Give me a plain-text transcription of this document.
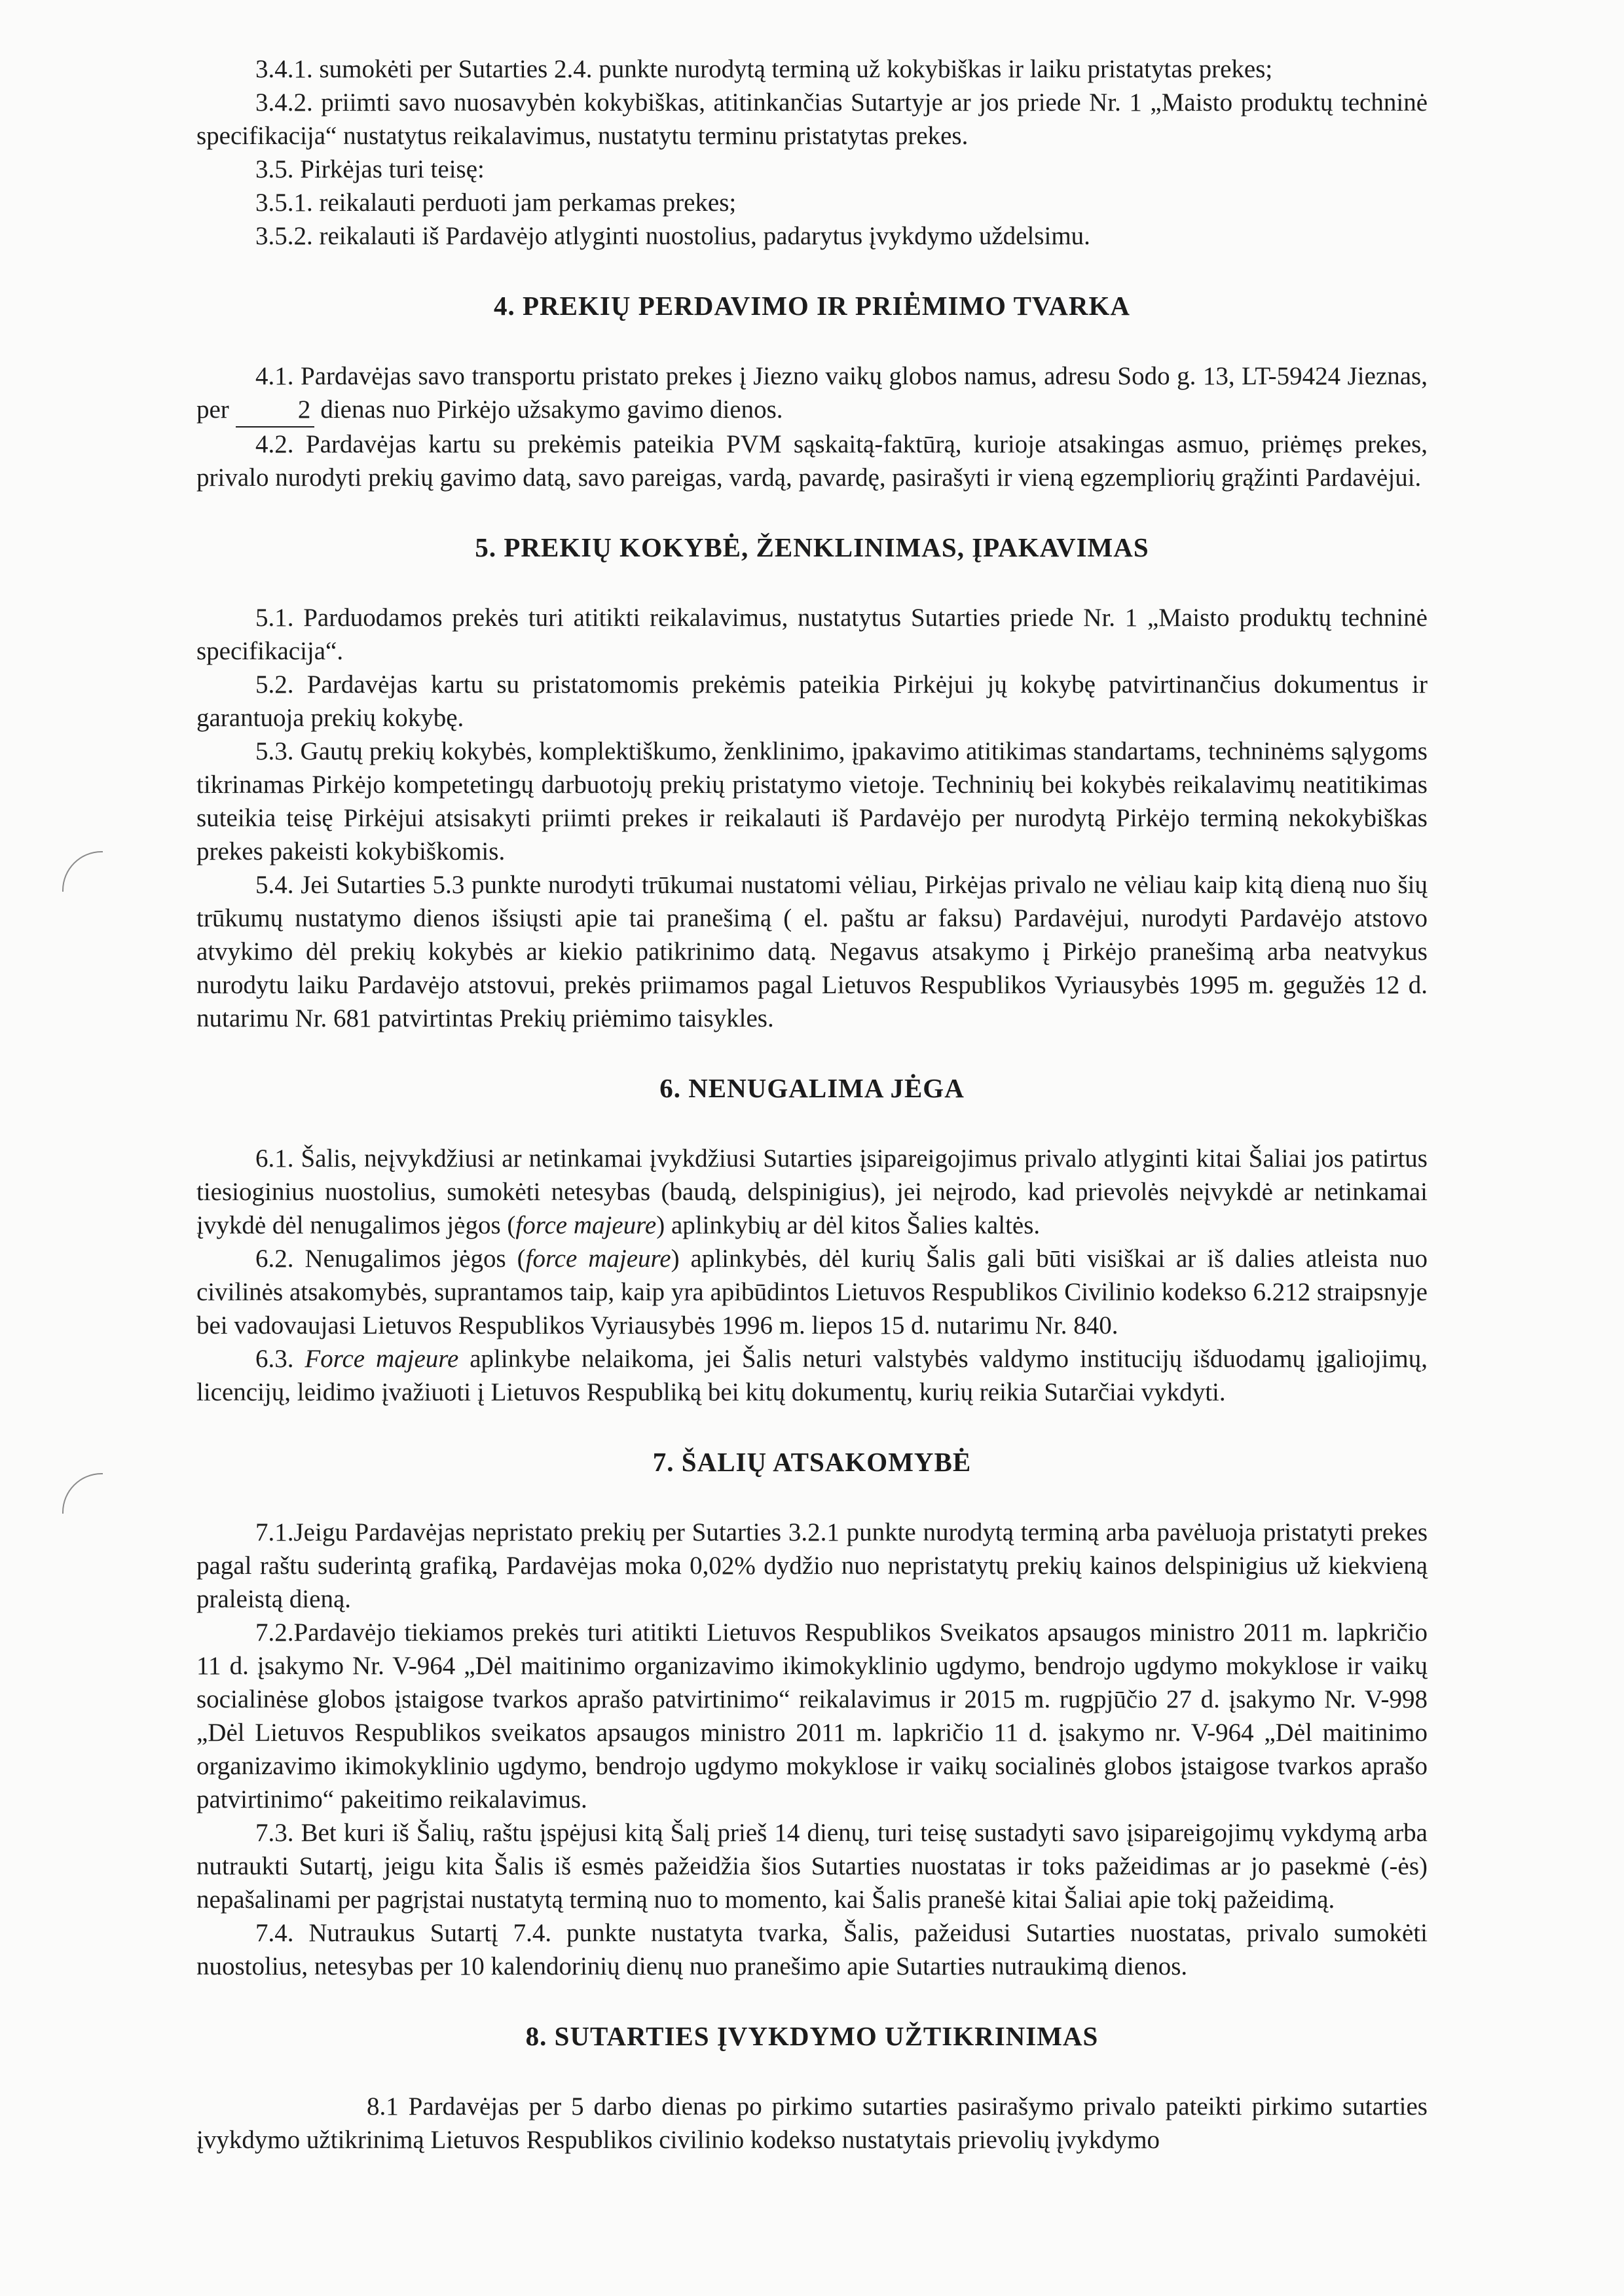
3.4.1. sumokėti per Sutarties 2.4. punkte nurodytą terminą už kokybiškas ir laiku pristatytas prekes;

3.4.2. priimti savo nuosavybėn kokybiškas, atitinkančias Sutartyje ar jos priede Nr. 1 „Maisto produktų techninė specifikacija“ nustatytus reikalavimus, nustatytu terminu pristatytas prekes.

3.5. Pirkėjas turi teisę:

3.5.1. reikalauti perduoti jam perkamas prekes;

3.5.2. reikalauti iš Pardavėjo atlyginti nuostolius, padarytus įvykdymo uždelsimu.

4. PREKIŲ PERDAVIMO IR PRIĖMIMO TVARKA

4.1. Pardavėjas savo transportu pristato prekes į Jiezno vaikų globos namus, adresu Sodo g. 13, LT-59424 Jieznas, per 2 dienas nuo Pirkėjo užsakymo gavimo dienos.

4.2. Pardavėjas kartu su prekėmis pateikia PVM sąskaitą-faktūrą, kurioje atsakingas asmuo, priėmęs prekes, privalo nurodyti prekių gavimo datą, savo pareigas, vardą, pavardę, pasirašyti ir vieną egzempliorių grąžinti Pardavėjui.

5. PREKIŲ KOKYBĖ, ŽENKLINIMAS, ĮPAKAVIMAS

5.1. Parduodamos prekės turi atitikti reikalavimus, nustatytus Sutarties priede Nr. 1 „Maisto produktų techninė specifikacija“.

5.2. Pardavėjas kartu su pristatomomis prekėmis pateikia Pirkėjui jų kokybę patvirtinančius dokumentus ir garantuoja prekių kokybę.

5.3. Gautų prekių kokybės, komplektiškumo, ženklinimo, įpakavimo atitikimas standartams, techninėms sąlygoms tikrinamas Pirkėjo kompetetingų darbuotojų prekių pristatymo vietoje. Techninių bei kokybės reikalavimų neatitikimas suteikia teisę Pirkėjui atsisakyti priimti prekes ir reikalauti iš Pardavėjo per nurodytą Pirkėjo terminą nekokybiškas prekes pakeisti kokybiškomis.

5.4. Jei Sutarties 5.3 punkte nurodyti trūkumai nustatomi vėliau, Pirkėjas privalo ne vėliau kaip kitą dieną nuo šių trūkumų nustatymo dienos išsiųsti apie tai pranešimą ( el. paštu ar faksu) Pardavėjui, nurodyti Pardavėjo atstovo atvykimo dėl prekių kokybės ar kiekio patikrinimo datą. Negavus atsakymo į Pirkėjo pranešimą arba neatvykus nurodytu laiku Pardavėjo atstovui, prekės priimamos pagal Lietuvos Respublikos Vyriausybės 1995 m. gegužės 12 d. nutarimu Nr. 681 patvirtintas Prekių priėmimo taisykles.

6. NENUGALIMA JĖGA

6.1. Šalis, neįvykdžiusi ar netinkamai įvykdžiusi Sutarties įsipareigojimus privalo atlyginti kitai Šaliai jos patirtus tiesioginius nuostolius, sumokėti netesybas (baudą, delspinigius), jei neįrodo, kad prievolės neįvykdė ar netinkamai įvykdė dėl nenugalimos jėgos (force majeure) aplinkybių ar dėl kitos Šalies kaltės.

6.2. Nenugalimos jėgos (force majeure) aplinkybės, dėl kurių Šalis gali būti visiškai ar iš dalies atleista nuo civilinės atsakomybės, suprantamos taip, kaip yra apibūdintos Lietuvos Respublikos Civilinio kodekso 6.212 straipsnyje bei vadovaujasi Lietuvos Respublikos Vyriausybės 1996 m. liepos 15 d. nutarimu Nr. 840.

6.3. Force majeure aplinkybe nelaikoma, jei Šalis neturi valstybės valdymo institucijų išduodamų įgaliojimų, licencijų, leidimo įvažiuoti į Lietuvos Respubliką bei kitų dokumentų, kurių reikia Sutarčiai vykdyti.

7. ŠALIŲ ATSAKOMYBĖ

7.1.Jeigu Pardavėjas nepristato prekių per Sutarties 3.2.1 punkte nurodytą terminą arba pavėluoja pristatyti prekes pagal raštu suderintą grafiką, Pardavėjas moka 0,02% dydžio nuo nepristatytų prekių kainos delspinigius už kiekvieną praleistą dieną.

7.2.Pardavėjo tiekiamos prekės turi atitikti Lietuvos Respublikos Sveikatos apsaugos ministro 2011 m. lapkričio 11 d. įsakymo Nr. V-964 „Dėl maitinimo organizavimo ikimokyklinio ugdymo, bendrojo ugdymo mokyklose ir vaikų socialinėse globos įstaigose tvarkos aprašo patvirtinimo“ reikalavimus ir 2015 m. rugpjūčio 27 d. įsakymo Nr. V-998 „Dėl Lietuvos Respublikos sveikatos apsaugos ministro 2011 m. lapkričio 11 d. įsakymo nr. V-964 „Dėl maitinimo organizavimo ikimokyklinio ugdymo, bendrojo ugdymo mokyklose ir vaikų socialinės globos įstaigose tvarkos aprašo patvirtinimo“ pakeitimo reikalavimus.

7.3. Bet kuri iš Šalių, raštu įspėjusi kitą Šalį prieš 14 dienų, turi teisę sustadyti savo įsipareigojimų vykdymą arba nutraukti Sutartį, jeigu kita Šalis iš esmės pažeidžia šios Sutarties nuostatas ir toks pažeidimas ar jo pasekmė (-ės) nepašalinami per pagrįstai nustatytą terminą nuo to momento, kai Šalis pranešė kitai Šaliai apie tokį pažeidimą.

7.4. Nutraukus Sutartį 7.4. punkte nustatyta tvarka, Šalis, pažeidusi Sutarties nuostatas, privalo sumokėti nuostolius, netesybas per 10 kalendorinių dienų nuo pranešimo apie Sutarties nutraukimą dienos.

8. SUTARTIES ĮVYKDYMO UŽTIKRINIMAS

8.1 Pardavėjas per 5 darbo dienas po pirkimo sutarties pasirašymo privalo pateikti pirkimo sutarties įvykdymo užtikrinimą Lietuvos Respublikos civilinio kodekso nustatytais prievolių įvykdymo
